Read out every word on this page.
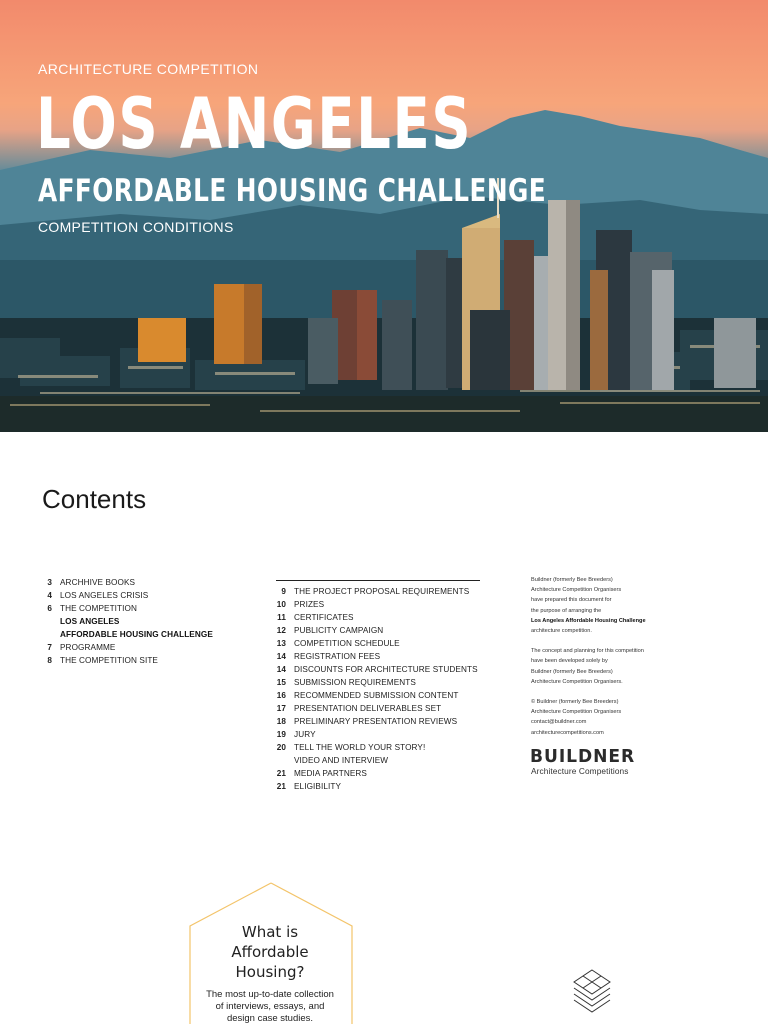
ARCHITECTURE COMPETITION

LOS ANGELES
AFFORDABLE HOUSING CHALLENGE

COMPETITION CONDITIONS

Contents
3 ARCHHIVE BOOKS
4 LOS ANGELES CRISIS
6 THE COMPETITION
LOS ANGELES
AFFORDABLE HOUSING CHALLENGE
7 PROGRAMME
8 THE COMPETITION SITE
9 THE PROJECT PROPOSAL REQUIREMENTS
10 PRIZES
11 CERTIFICATES
12 PUBLICITY CAMPAIGN
13 COMPETITION SCHEDULE
14 REGISTRATION FEES
14 DISCOUNTS FOR ARCHITECTURE STUDENTS
15 SUBMISSION REQUIREMENTS
16 RECOMMENDED SUBMISSION CONTENT
17 PRESENTATION DELIVERABLES SET
18 PRELIMINARY PRESENTATION REVIEWS
19 JURY
20 TELL THE WORLD YOUR STORY!
VIDEO AND INTERVIEW
21 MEDIA PARTNERS
21 ELIGIBILITY

Buildner (formerly Bee Breeders)
Architecture Competition Organisers
have prepared this document for
the purpose of arranging the
Los Angeles Affordable Housing Challenge
architecture competition.

The concept and planning for this competition
have been developed solely by
Buildner (formerly Bee Breeders)
Architecture Competition Organisers.

© Buildner (formerly Bee Breeders)
Architecture Competition Organisers
contact@buildner.com
architecturecompetitions.com

BUILDNER
Architecture Competitions
What is
Affordable
Housing?
The most up-to-date collection
of interviews, essays, and
design case studies.
